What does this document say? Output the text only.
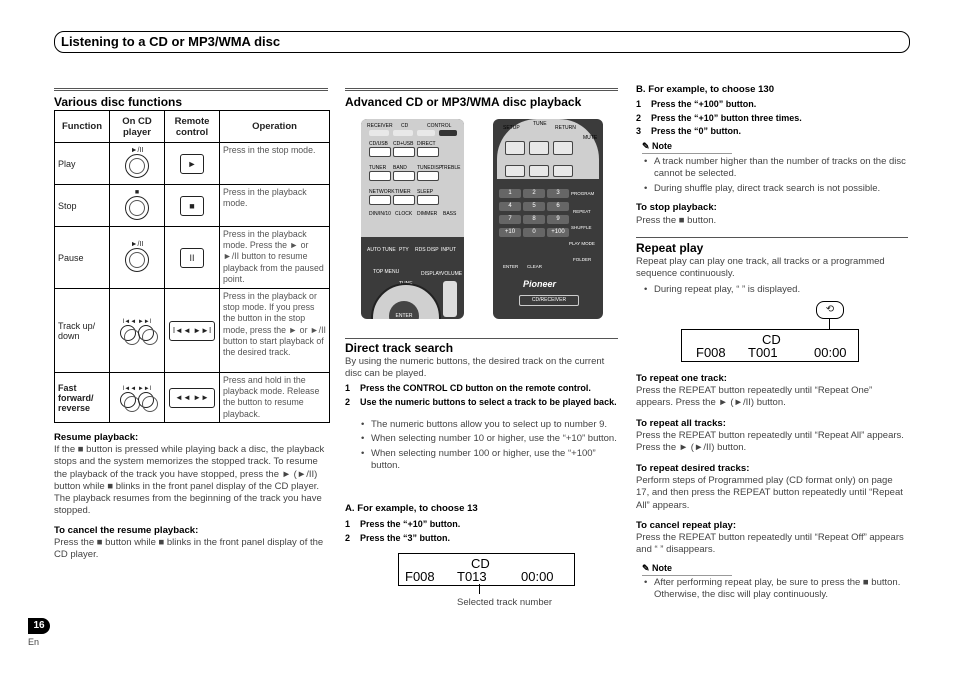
Listening to a CD or MP3/WMA disc
Various disc functions
Function	On CD player	Remote control	Operation
Play	►/II	►	Press in the stop mode.
Stop	■	■	Press in the playback mode.
Pause	►/II	II	Press in the playback mode. Press the ► or ►/II button to resume playback from the paused point.
Track up/ down	I◄◄ ►►I	I◄◄ ►►I	Press in the playback or stop mode. If you press the button in the stop mode, press the ► or ►/II button to start playback of the desired track.
Fast forward/ reverse	I◄◄ ►►I	◄◄ ►►	Press and hold in the playback mode. Release the button to resume playback.
Resume playback:
If the ■ button is pressed while playing back a disc, the playback stops and the system memorizes the stopped track. To resume the playback of the track you have stopped, press the ► (►/II) button while ■ blinks in the front panel display of the CD player. The playback resumes from the beginning of the track you have stopped.
To cancel the resume playback:
Press the ■ button while ■ blinks in the front panel display of the CD player.
16
En
Advanced CD or MP3/WMA disc playback
RECEIVER CD	CONTROL
CD/USB CD+USB DIRECT
TUNER BAND TUNEDISP
TREBLE
NETWORK TIMER SLEEP
DIN/IN/10 CLOCK DIMMER BASS
AUTO TUNE PTY RDS DISP INPUT
TOP MENU	DISPLAY VOLUME
ENTER
SETUP
TUNE
RETURN
MUTE
1	2	3
4	5	6
7	8	9
+10	0	+100
PROGRAM
REPEAT
SHUFFLE
PLAY MODE
FOLDER
ENTER CLEAR
Pioneer
CD/RECEIVER
Direct track search
By using the numeric buttons, the desired track on the current disc can be played.
1 Press the CONTROL CD button on the remote control.
2 Use the numeric buttons to select a track to be played back.
• The numeric buttons allow you to select up to number 9.
• When selecting number 10 or higher, use the “+10” button.
• When selecting number 100 or higher, use the “+100” button.
A. For example, to choose 13
1 Press the “+10” button.
2 Press the “3” button.
CD
F008 T013	00:00
Selected track number
B. For example, to choose 130
1 Press the “+100” button.
2 Press the “+10” button three times.
3 Press the “0” button.
✎ Note
• A track number higher than the number of tracks on the disc cannot be selected.
• During shuffle play, direct track search is not possible.
To stop playback:
Press the ■ button.
Repeat play
Repeat play can play one track, all tracks or a programmed sequence continuously.
• During repeat play, “ ” is displayed.
CD
F008 T001	00:00
⟲
To repeat one track:
Press the REPEAT button repeatedly until “Repeat One” appears. Press the ► (►/II) button.
To repeat all tracks:
Press the REPEAT button repeatedly until “Repeat All” appears. Press the ► (►/II) button.
To repeat desired tracks:
Perform steps of Programmed play (CD format only) on page 17, and then press the REPEAT button repeatedly until “Repeat All” appears.
To cancel repeat play:
Press the REPEAT button repeatedly until “Repeat Off” appears and “ ” disappears.
✎ Note
• After performing repeat play, be sure to press the ■ button. Otherwise, the disc will play continuously.
